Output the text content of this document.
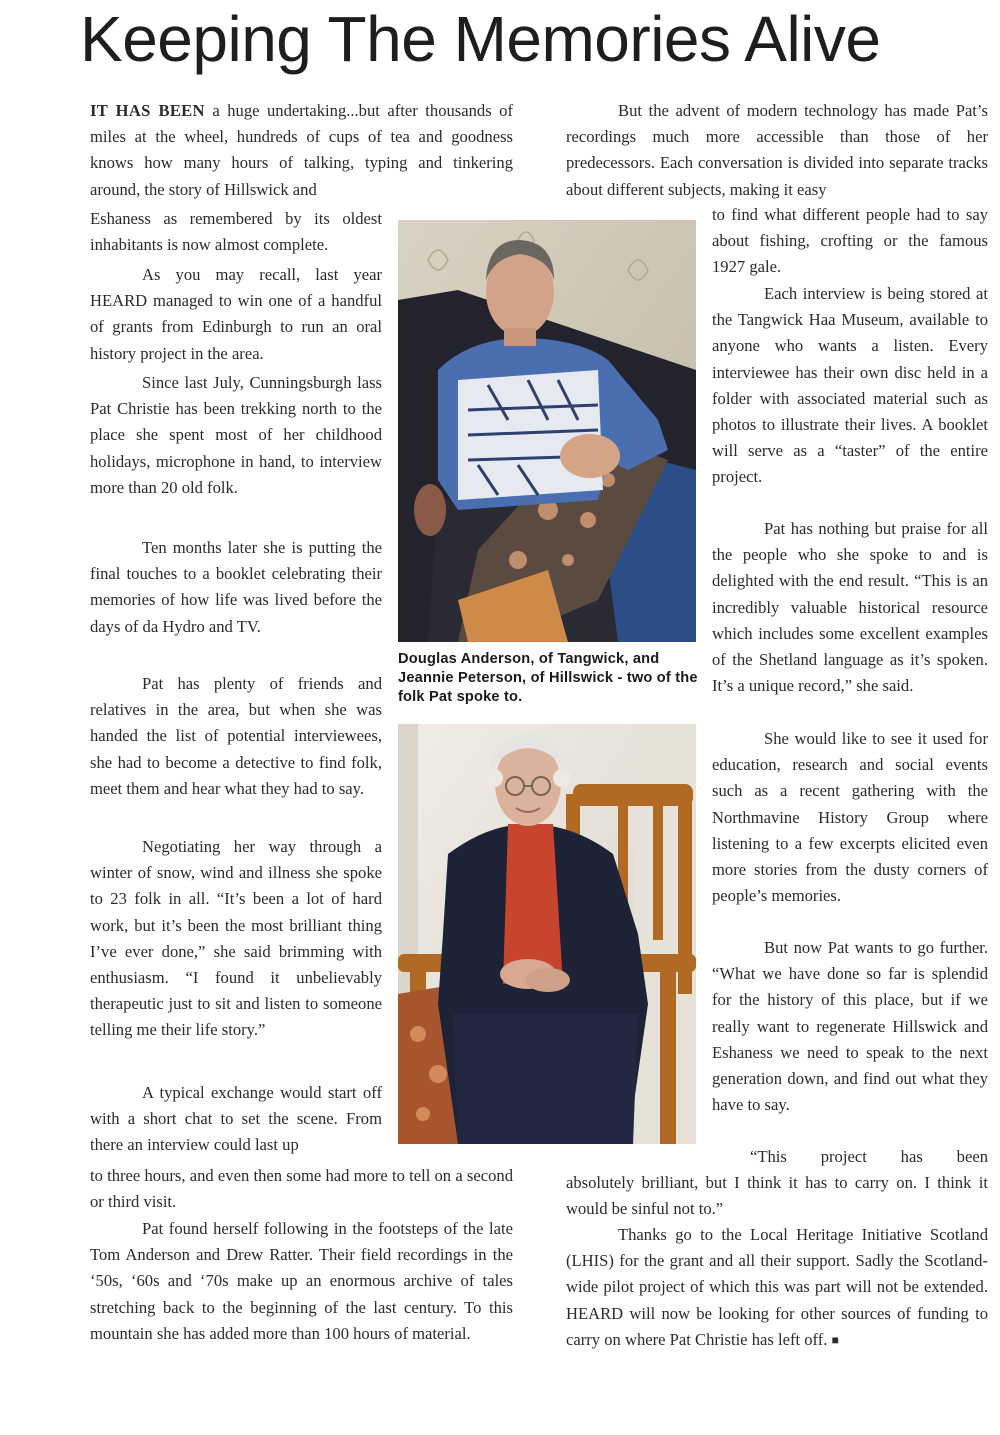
Keeping The Memories Alive

IT HAS BEEN a huge undertaking...but after thousands of miles at the wheel, hundreds of cups of tea and goodness knows how many hours of talking, typing and tinkering around, the story of Hillswick and

Eshaness as remembered by its oldest inhabitants is now almost complete.

As you may recall, last year HEARD managed to win one of a handful of grants from Edinburgh to run an oral history project in the area.

Since last July, Cunningsburgh lass Pat Christie has been trekking north to the place she spent most of her childhood holidays, microphone in hand, to interview more than 20 old folk.

Ten months later she is putting the final touches to a booklet celebrating their memories of how life was lived before the days of da Hydro and TV.

Pat has plenty of friends and relatives in the area, but when she was handed the list of potential interviewees, she had to become a detective to find folk, meet them and hear what they had to say.

Negotiating her way through a winter of snow, wind and illness she spoke to 23 folk in all. “It’s been a lot of hard work, but it’s been the most brilliant thing I’ve ever done,” she said brimming with enthusiasm. “I found it unbelievably therapeutic just to sit and listen to someone telling me their life story.”

A typical exchange would start off with a short chat to set the scene. From there an interview could last up

to three hours, and even then some had more to tell on a second or third visit.

Pat found herself following in the footsteps of the late Tom Anderson and Drew Ratter. Their field recordings in the ‘50s, ‘60s and ‘70s make up an enormous archive of tales stretching back to the beginning of the last century. To this mountain she has added more than 100 hours of material.

But the advent of modern technology has made Pat’s recordings much more accessible than those of her predecessors. Each conversation is divided into separate tracks about different subjects, making it easy

to find what different people had to say about fishing, crofting or the famous 1927 gale.

Each interview is being stored at the Tangwick Haa Museum, available to anyone who wants a listen. Every interviewee has their own disc held in a folder with associated material such as photos to illustrate their lives. A booklet will serve as a “taster” of the entire project.

Pat has nothing but praise for all the people who she spoke to and is delighted with the end result. “This is an incredibly valuable historical resource which includes some excellent examples of the Shetland language as it’s spoken. It’s a unique record,” she said.

She would like to see it used for education, research and social events such as a recent gathering with the Northmavine History Group where listening to a few excerpts elicited even more stories from the dusty corners of people’s memories.

But now Pat wants to go further. “What we have done so far is splendid for the history of this place, but if we really want to regenerate Hillswick and Eshaness we need to speak to the next generation down, and find out what they have to say.

“This project has been
absolutely brilliant, but I think it has to carry on. I think it would be sinful not to.”

Thanks go to the Local Heritage Initiative Scotland (LHIS) for the grant and all their support. Sadly the Scotland-wide pilot project of which this was part will not be extended. HEARD will now be looking for other sources of funding to carry on where Pat Christie has left off. ■

Douglas Anderson, of Tangwick, and Jeannie Peterson, of Hillswick - two of the folk Pat spoke to.
